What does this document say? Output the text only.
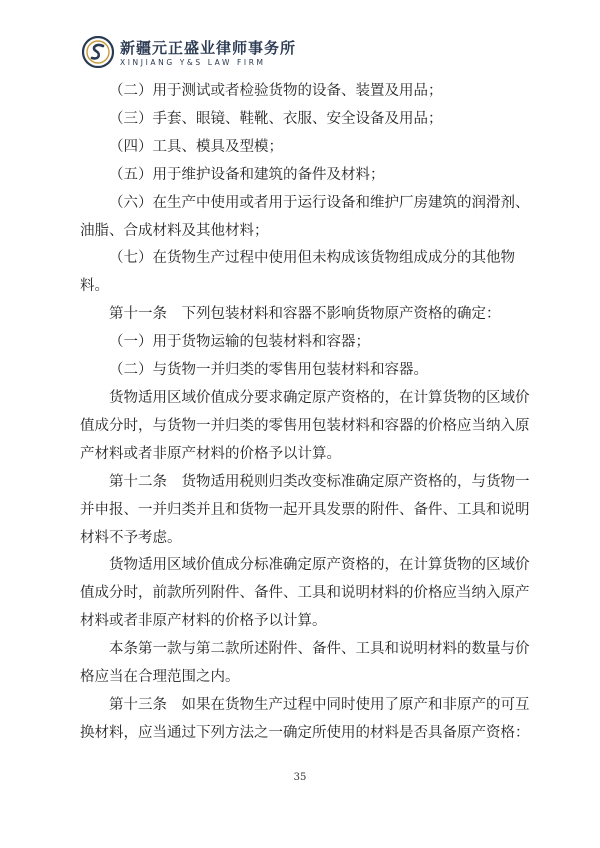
新疆元正盛业律师事务所
XINJIANG Y&S LAW FIRM
（二）用于测试或者检验货物的设备、装置及用品；
（三）手套、眼镜、鞋靴、衣服、安全设备及用品；
（四）工具、模具及型模；
（五）用于维护设备和建筑的备件及材料；
（六）在生产中使用或者用于运行设备和维护厂房建筑的润滑剂、
油脂、合成材料及其他材料；
（七）在货物生产过程中使用但未构成该货物组成成分的其他物
料。
第十一条　下列包装材料和容器不影响货物原产资格的确定：
（一）用于货物运输的包装材料和容器；
（二）与货物一并归类的零售用包装材料和容器。
货物适用区域价值成分要求确定原产资格的，在计算货物的区域价
值成分时，与货物一并归类的零售用包装材料和容器的价格应当纳入原
产材料或者非原产材料的价格予以计算。
第十二条　货物适用税则归类改变标准确定原产资格的，与货物一
并申报、一并归类并且和货物一起开具发票的附件、备件、工具和说明
材料不予考虑。
货物适用区域价值成分标准确定原产资格的，在计算货物的区域价
值成分时，前款所列附件、备件、工具和说明材料的价格应当纳入原产
材料或者非原产材料的价格予以计算。
本条第一款与第二款所述附件、备件、工具和说明材料的数量与价
格应当在合理范围之内。
第十三条　如果在货物生产过程中同时使用了原产和非原产的可互
换材料，应当通过下列方法之一确定所使用的材料是否具备原产资格：
35
